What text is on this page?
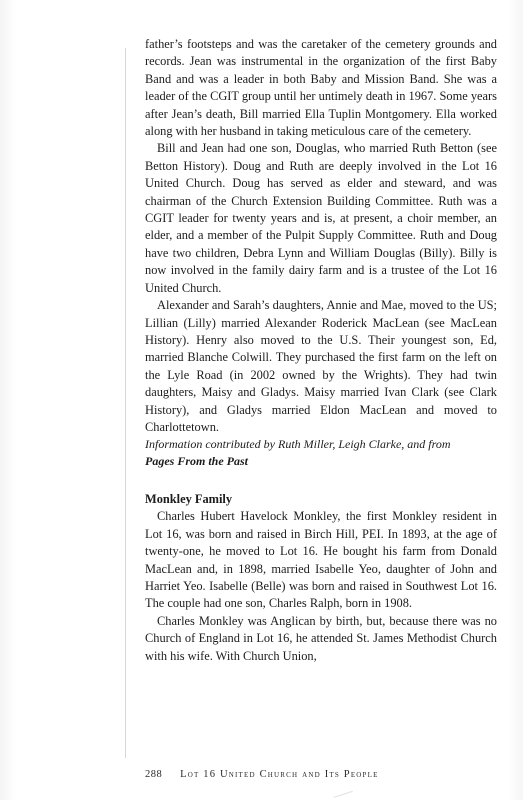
father’s footsteps and was the caretaker of the cemetery grounds and records. Jean was instrumental in the organization of the first Baby Band and was a leader in both Baby and Mission Band. She was a leader of the CGIT group until her untimely death in 1967. Some years after Jean’s death, Bill married Ella Tuplin Montgomery. Ella worked along with her husband in taking meticulous care of the cemetery.

Bill and Jean had one son, Douglas, who married Ruth Betton (see Betton History). Doug and Ruth are deeply involved in the Lot 16 United Church. Doug has served as elder and steward, and was chairman of the Church Extension Building Committee. Ruth was a CGIT leader for twenty years and is, at present, a choir member, an elder, and a member of the Pulpit Supply Committee. Ruth and Doug have two children, Debra Lynn and William Douglas (Billy). Billy is now involved in the family dairy farm and is a trustee of the Lot 16 United Church.

Alexander and Sarah’s daughters, Annie and Mae, moved to the US; Lillian (Lilly) married Alexander Roderick MacLean (see MacLean History). Henry also moved to the U.S. Their youngest son, Ed, married Blanche Colwill. They purchased the first farm on the left on the Lyle Road (in 2002 owned by the Wrights). They had twin daughters, Maisy and Gladys. Maisy married Ivan Clark (see Clark History), and Gladys married Eldon MacLean and moved to Charlottetown.

Information contributed by Ruth Miller, Leigh Clarke, and from
Pages From the Past

Monkley Family

Charles Hubert Havelock Monkley, the first Monkley resident in Lot 16, was born and raised in Birch Hill, PEI. In 1893, at the age of twenty-one, he moved to Lot 16. He bought his farm from Donald MacLean and, in 1898, married Isabelle Yeo, daughter of John and Harriet Yeo. Isabelle (Belle) was born and raised in Southwest Lot 16. The couple had one son, Charles Ralph, born in 1908.

Charles Monkley was Anglican by birth, but, because there was no Church of England in Lot 16, he attended St. James Methodist Church with his wife. With Church Union,

288 Lot 16 United Church and Its People
